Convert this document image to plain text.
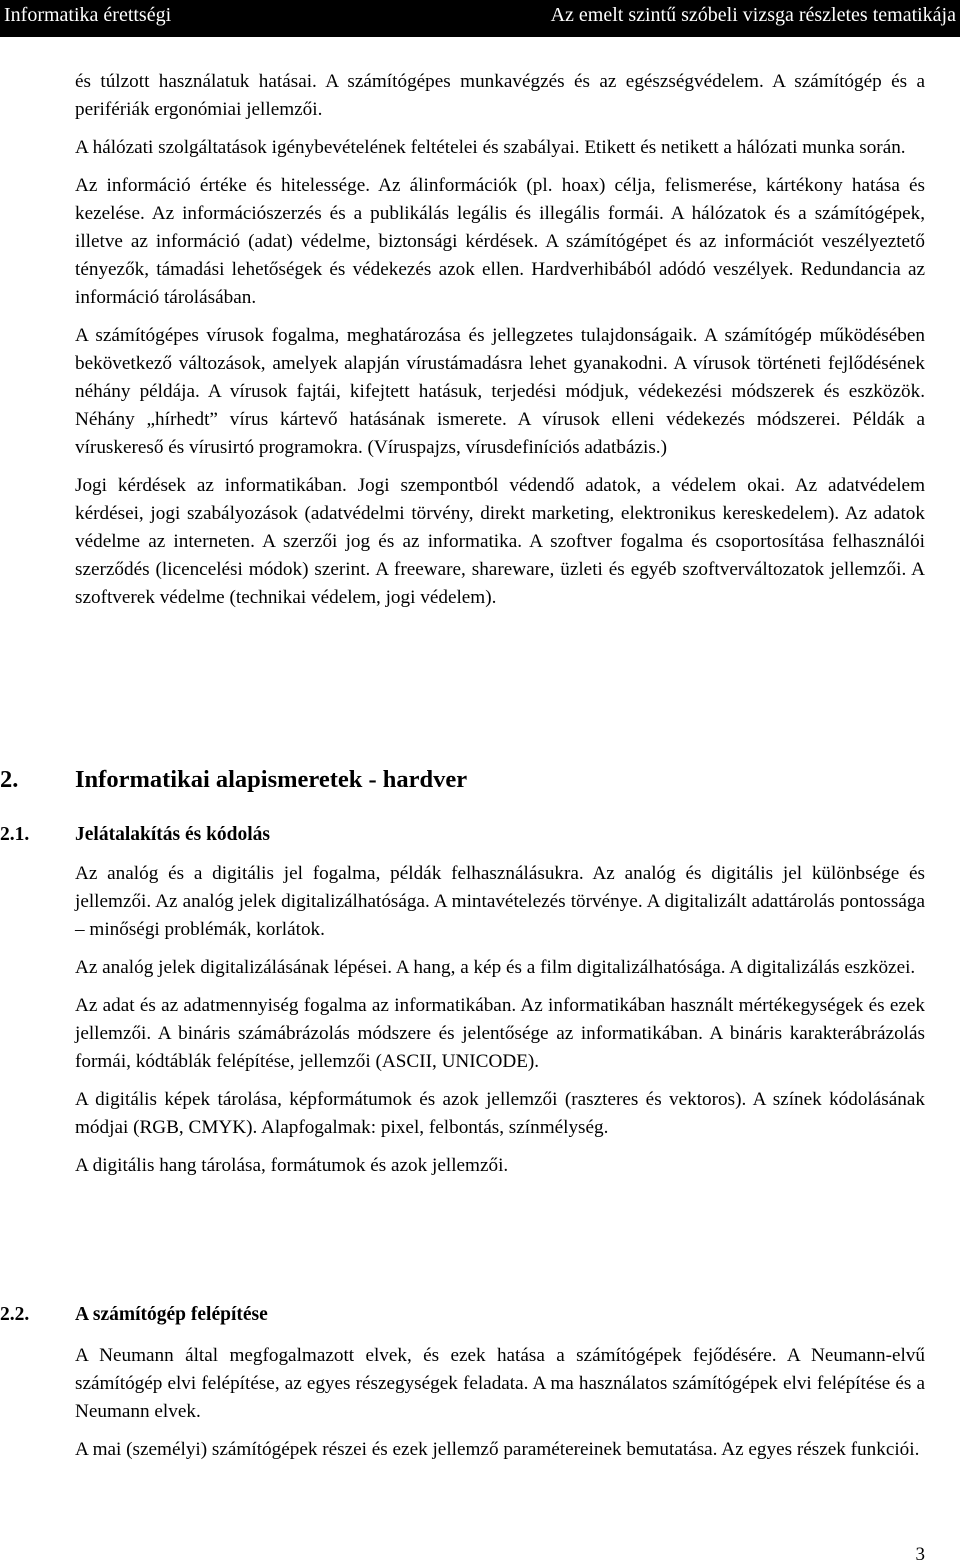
Informatika érettségi	Az emelt szintű szóbeli vizsga részletes tematikája

és túlzott használatuk hatásai. A számítógépes munkavégzés és az egészségvédelem. A számítógép és a perifériák ergonómiai jellemzői.

A hálózati szolgáltatások igénybevételének feltételei és szabályai. Etikett és netikett a hálózati munka során.

Az információ értéke és hitelessége. Az álinformációk (pl. hoax) célja, felismerése, kártékony hatása és kezelése. Az információszerzés és a publikálás legális és illegális formái. A hálózatok és a számítógépek, illetve az információ (adat) védelme, biztonsági kérdések. A számítógépet és az információt veszélyeztető tényezők, támadási lehetőségek és védekezés azok ellen. Hardverhibából adódó veszélyek. Redundancia az információ tárolásában.

A számítógépes vírusok fogalma, meghatározása és jellegzetes tulajdonságaik. A számítógép működésében bekövetkező változások, amelyek alapján vírustámadásra lehet gyanakodni. A vírusok történeti fejlődésének néhány példája. A vírusok fajtái, kifejtett hatásuk, terjedési módjuk, védekezési módszerek és eszközök. Néhány „hírhedt” vírus kártevő hatásának ismerete. A vírusok elleni védekezés módszerei. Példák a víruskereső és vírusirtó programokra. (Víruspajzs, vírusdefiníciós adatbázis.)

Jogi kérdések az informatikában. Jogi szempontból védendő adatok, a védelem okai. Az adatvédelem kérdései, jogi szabályozások (adatvédelmi törvény, direkt marketing, elektronikus kereskedelem). Az adatok védelme az interneten. A szerzői jog és az informatika. A szoftver fogalma és csoportosítása felhasználói szerződés (licencelési módok) szerint. A freeware, shareware, üzleti és egyéb szoftverváltozatok jellemzői. A szoftverek védelme (technikai védelem, jogi védelem).

2. Informatikai alapismeretek - hardver
2.1. Jelátalakítás és kódolás

Az analóg és a digitális jel fogalma, példák felhasználásukra. Az analóg és digitális jel különbsége és jellemzői. Az analóg jelek digitalizálhatósága. A mintavételezés törvénye. A digitalizált adattárolás pontossága – minőségi problémák, korlátok.

Az analóg jelek digitalizálásának lépései. A hang, a kép és a film digitalizálhatósága. A digitalizálás eszközei.

Az adat és az adatmennyiség fogalma az informatikában. Az informatikában használt mértékegységek és ezek jellemzői. A bináris számábrázolás módszere és jelentősége az informatikában. A bináris karakterábrázolás formái, kódtáblák felépítése, jellemzői (ASCII, UNICODE).

A digitális képek tárolása, képformátumok és azok jellemzői (raszteres és vektoros). A színek kódolásának módjai (RGB, CMYK). Alapfogalmak: pixel, felbontás, színmélység.

A digitális hang tárolása, formátumok és azok jellemzői.

2.2. A számítógép felépítése

A Neumann által megfogalmazott elvek, és ezek hatása a számítógépek fejődésére. A Neumann-elvű számítógép elvi felépítése, az egyes részegységek feladata. A ma használatos számítógépek elvi felépítése és a Neumann elvek.

A mai (személyi) számítógépek részei és ezek jellemző paramétereinek bemutatása. Az egyes részek funkciói.

3
